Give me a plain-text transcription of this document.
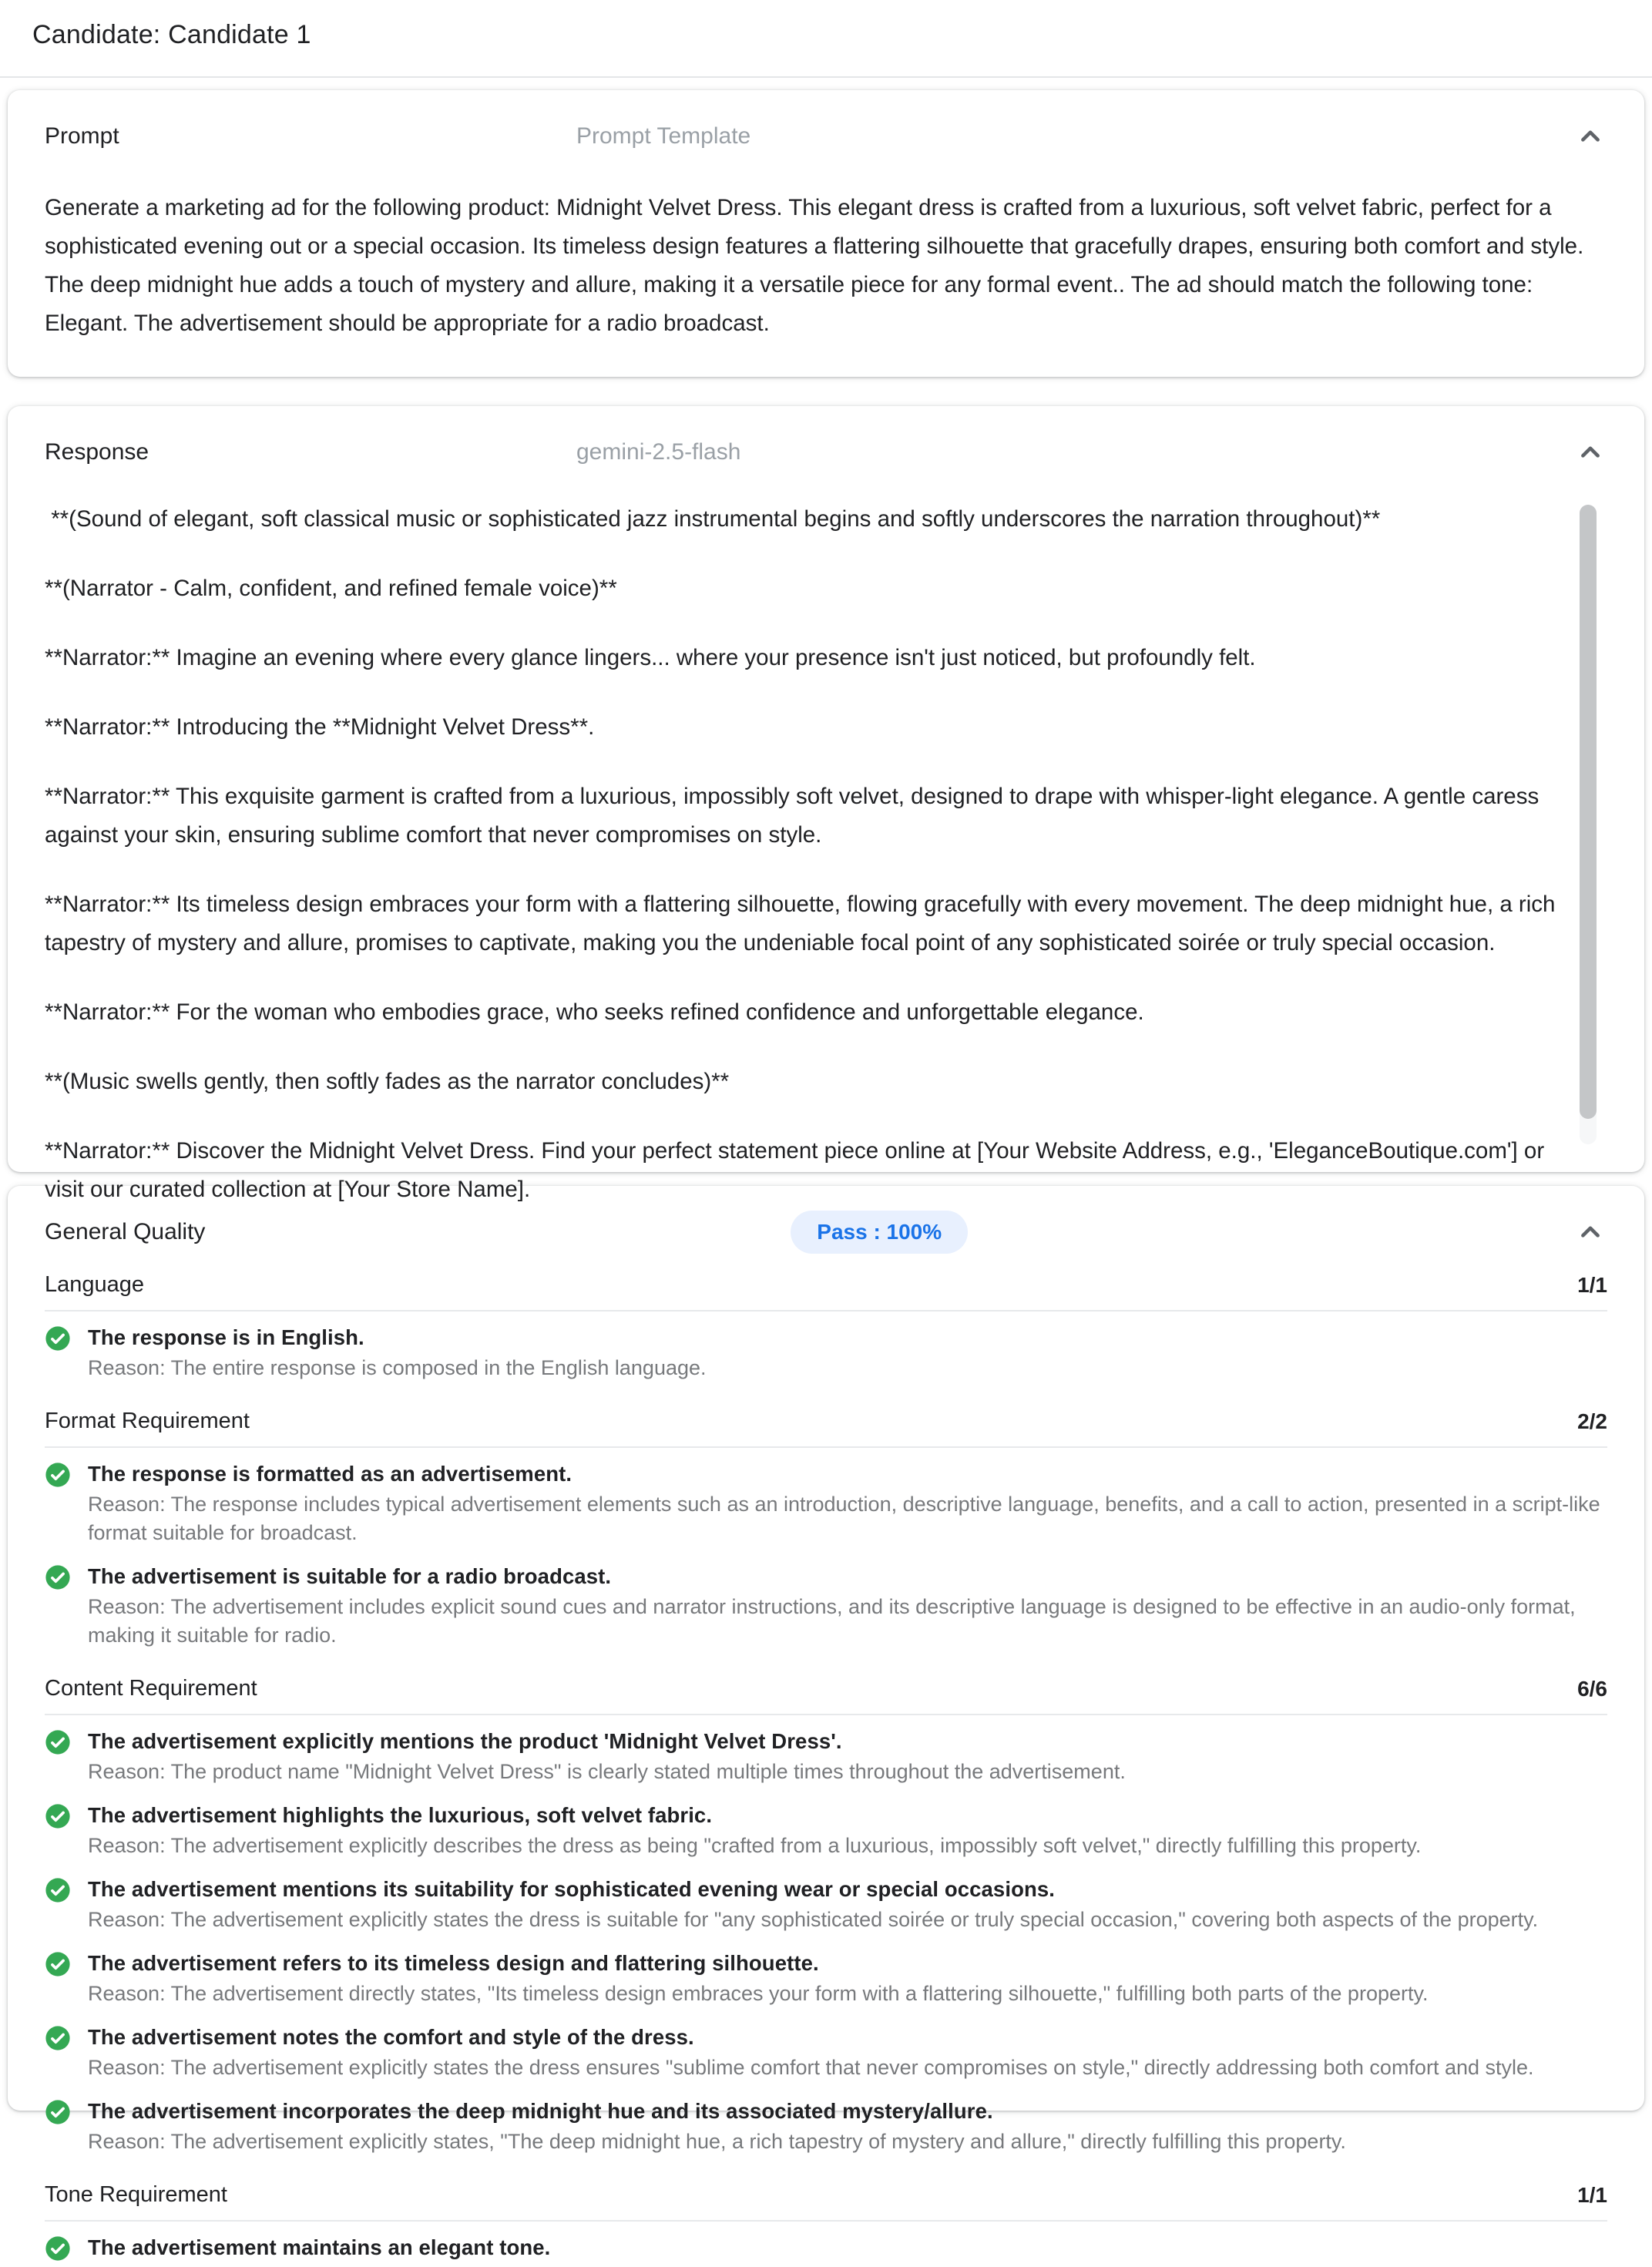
Candidate: Candidate 1
Prompt	Prompt Template

Generate a marketing ad for the following product: Midnight Velvet Dress. This elegant dress is crafted from a luxurious, soft velvet fabric, perfect for a sophisticated evening out or a special occasion. Its timeless design features a flattering silhouette that gracefully drapes, ensuring both comfort and style. The deep midnight hue adds a touch of mystery and allure, making it a versatile piece for any formal event.. The ad should match the following tone: Elegant. The advertisement should be appropriate for a radio broadcast.

Response	gemini-2.5-flash

**(Sound of elegant, soft classical music or sophisticated jazz instrumental begins and softly underscores the narration throughout)**

**(Narrator - Calm, confident, and refined female voice)**

**Narrator:** Imagine an evening where every glance lingers... where your presence isn't just noticed, but profoundly felt.

**Narrator:** Introducing the **Midnight Velvet Dress**.

**Narrator:** This exquisite garment is crafted from a luxurious, impossibly soft velvet, designed to drape with whisper-light elegance. A gentle caress against your skin, ensuring sublime comfort that never compromises on style.

**Narrator:** Its timeless design embraces your form with a flattering silhouette, flowing gracefully with every movement. The deep midnight hue, a rich tapestry of mystery and allure, promises to captivate, making you the undeniable focal point of any sophisticated soirée or truly special occasion.

**Narrator:** For the woman who embodies grace, who seeks refined confidence and unforgettable elegance.

**(Music swells gently, then softly fades as the narrator concludes)**

**Narrator:** Discover the Midnight Velvet Dress. Find your perfect statement piece online at [Your Website Address, e.g., 'EleganceBoutique.com'] or visit our curated collection at [Your Store Name].

General Quality	Pass : 100%
Language	1/1
The response is in English.
Reason: The entire response is composed in the English language.
Format Requirement	2/2
The response is formatted as an advertisement.
Reason: The response includes typical advertisement elements such as an introduction, descriptive language, benefits, and a call to action, presented in a script-like format suitable for broadcast.
The advertisement is suitable for a radio broadcast.
Reason: The advertisement includes explicit sound cues and narrator instructions, and its descriptive language is designed to be effective in an audio-only format, making it suitable for radio.
Content Requirement	6/6
The advertisement explicitly mentions the product 'Midnight Velvet Dress'.
Reason: The product name "Midnight Velvet Dress" is clearly stated multiple times throughout the advertisement.
The advertisement highlights the luxurious, soft velvet fabric.
Reason: The advertisement explicitly describes the dress as being "crafted from a luxurious, impossibly soft velvet," directly fulfilling this property.
The advertisement mentions its suitability for sophisticated evening wear or special occasions.
Reason: The advertisement explicitly states the dress is suitable for "any sophisticated soirée or truly special occasion," covering both aspects of the property.
The advertisement refers to its timeless design and flattering silhouette.
Reason: The advertisement directly states, "Its timeless design embraces your form with a flattering silhouette," fulfilling both parts of the property.
The advertisement notes the comfort and style of the dress.
Reason: The advertisement explicitly states the dress ensures "sublime comfort that never compromises on style," directly addressing both comfort and style.
The advertisement incorporates the deep midnight hue and its associated mystery/allure.
Reason: The advertisement explicitly states, "The deep midnight hue, a rich tapestry of mystery and allure," directly fulfilling this property.
Tone Requirement	1/1
The advertisement maintains an elegant tone.
